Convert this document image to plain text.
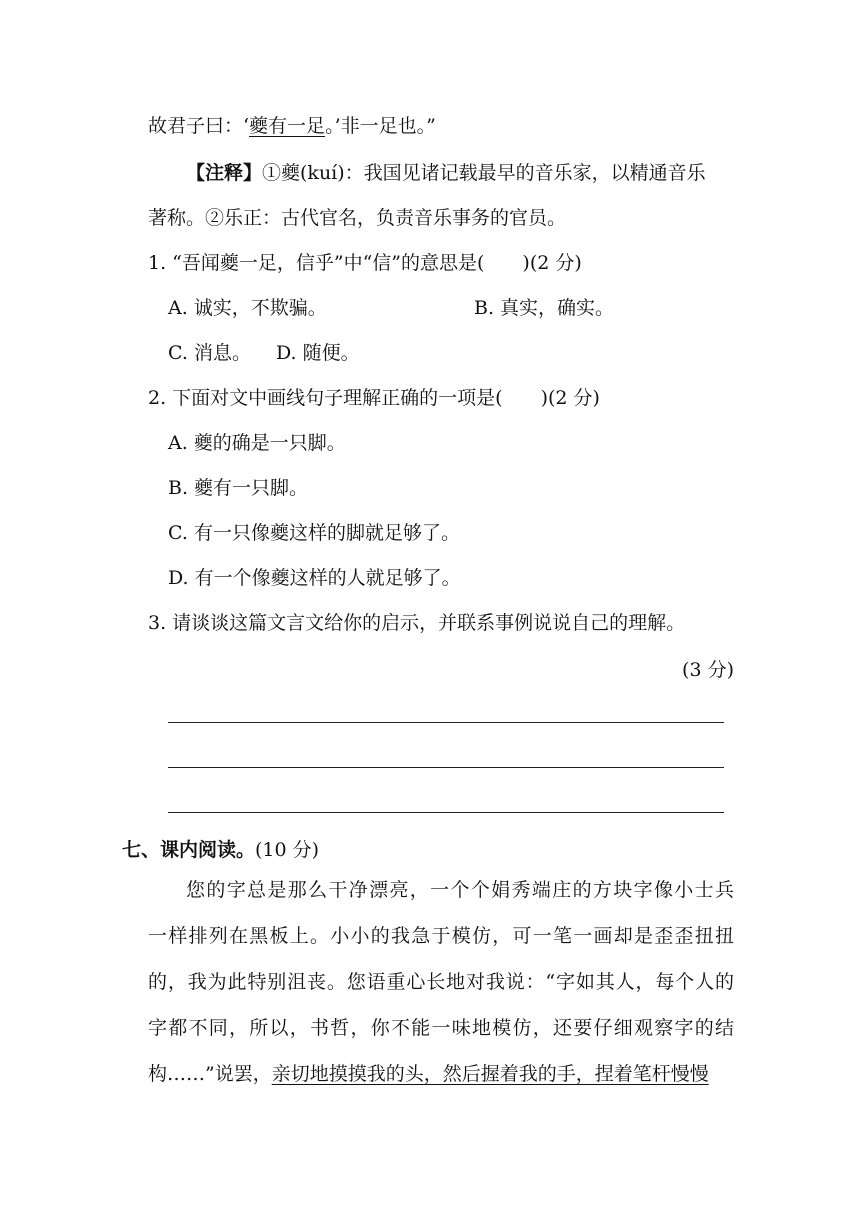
故君子曰：‘夔有一足。’非一足也。”
【注释】①夔(kuí)：我国见诸记载最早的音乐家，以精通音乐
著称。②乐正：古代官名，负责音乐事务的官员。
1. “吾闻夔一足，信乎”中“信”的意思是(　　)(2 分)
A. 诚实，不欺骗。	B. 真实，确实。
C. 消息。 D. 随便。
2. 下面对文中画线句子理解正确的一项是(　　)(2 分)
A. 夔的确是一只脚。
B. 夔有一只脚。
C. 有一只像夔这样的脚就足够了。
D. 有一个像夔这样的人就足够了。
3. 请谈谈这篇文言文给你的启示，并联系事例说说自己的理解。
(3 分)
七、课内阅读。(10 分)
您的字总是那么干净漂亮，一个个娟秀端庄的方块字像小士兵
一样排列在黑板上。小小的我急于模仿，可一笔一画却是歪歪扭扭
的，我为此特别沮丧。您语重心长地对我说：“字如其人，每个人的
字都不同，所以，书哲，你不能一味地模仿，还要仔细观察字的结
构……”说罢，亲切地摸摸我的头，然后握着我的手，捏着笔杆慢慢
